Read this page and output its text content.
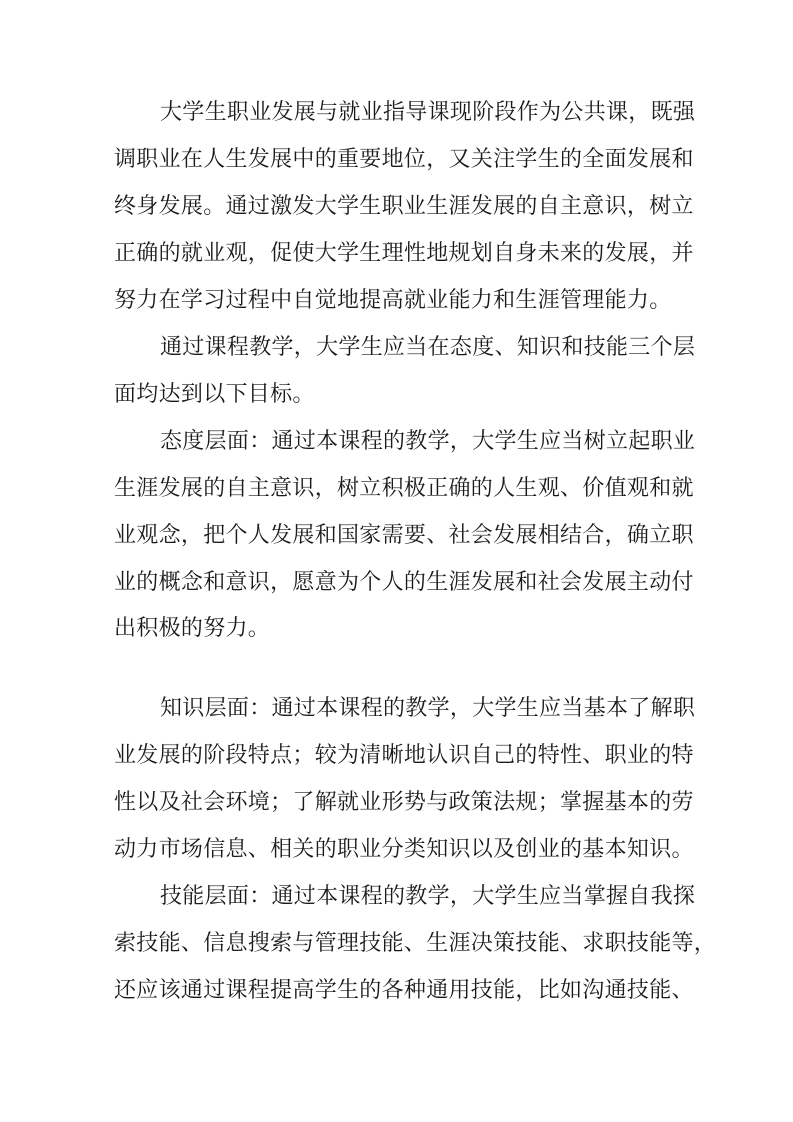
大学生职业发展与就业指导课现阶段作为公共课，既强
调职业在人生发展中的重要地位，又关注学生的全面发展和
终身发展。通过激发大学生职业生涯发展的自主意识，树立
正确的就业观，促使大学生理性地规划自身未来的发展，并
努力在学习过程中自觉地提高就业能力和生涯管理能力。
通过课程教学，大学生应当在态度、知识和技能三个层
面均达到以下目标。
态度层面：通过本课程的教学，大学生应当树立起职业
生涯发展的自主意识，树立积极正确的人生观、价值观和就
业观念，把个人发展和国家需要、社会发展相结合，确立职
业的概念和意识，愿意为个人的生涯发展和社会发展主动付
出积极的努力。
知识层面：通过本课程的教学，大学生应当基本了解职
业发展的阶段特点；较为清晰地认识自己的特性、职业的特
性以及社会环境；了解就业形势与政策法规；掌握基本的劳
动力市场信息、相关的职业分类知识以及创业的基本知识。
技能层面：通过本课程的教学，大学生应当掌握自我探
索技能、信息搜索与管理技能、生涯决策技能、求职技能等，
还应该通过课程提高学生的各种通用技能，比如沟通技能、
